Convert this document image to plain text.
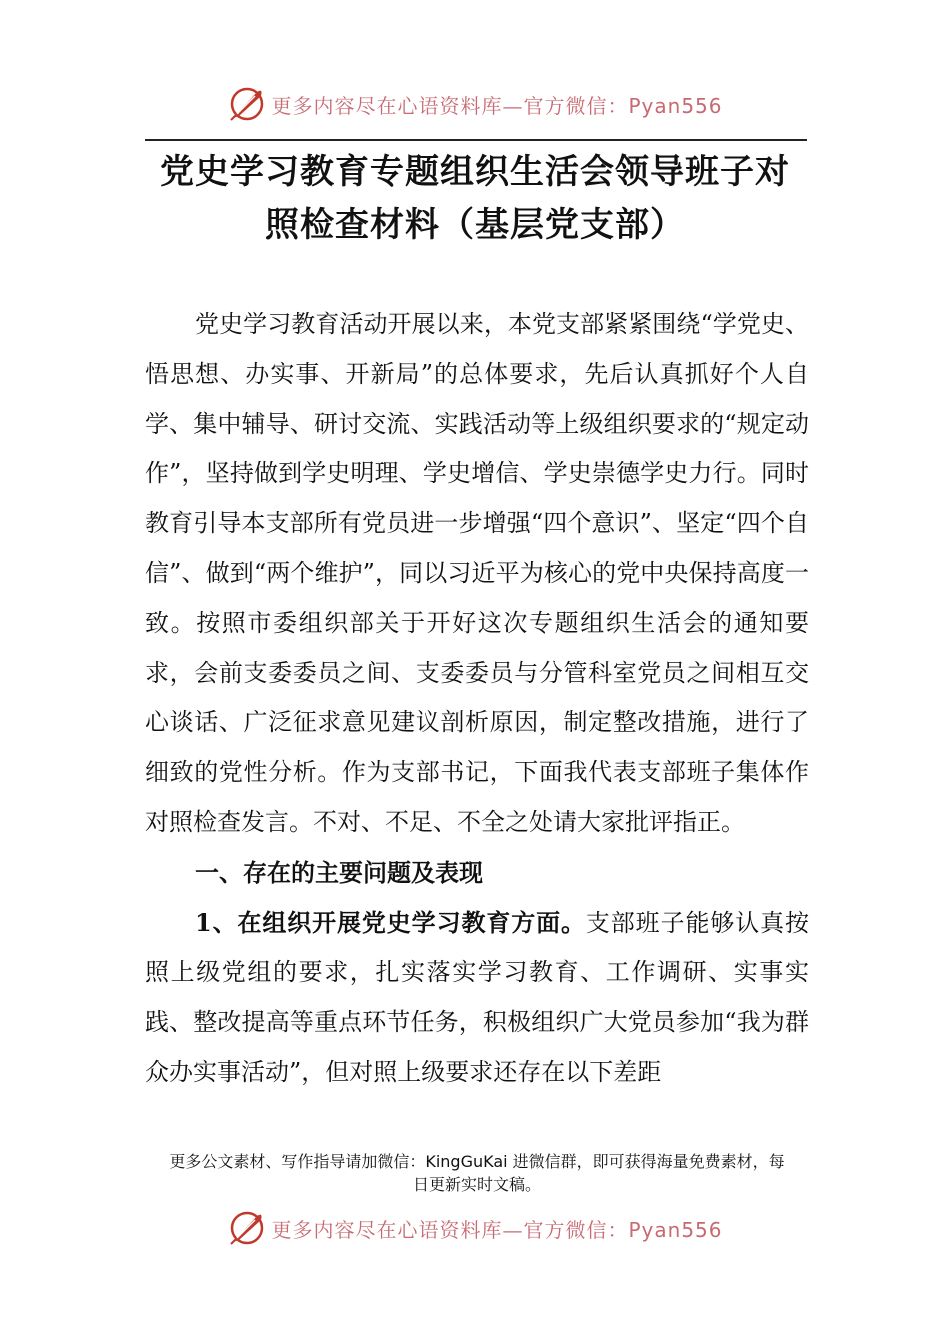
更多内容尽在心语资料库—官方微信：Pyan556
党史学习教育专题组织生活会领导班子对
照检查材料（基层党支部）

党史学习教育活动开展以来，本党支部紧紧围绕“学党史、悟思想、办实事、开新局”的总体要求，先后认真抓好个人自学、集中辅导、研讨交流、实践活动等上级组织要求的“规定动作”，坚持做到学史明理、学史增信、学史崇德学史力行。同时教育引导本支部所有党员进一步增强“四个意识”、坚定“四个自信”、做到“两个维护”，同以习近平为核心的党中央保持高度一致。按照市委组织部关于开好这次专题组织生活会的通知要求，会前支委委员之间、支委委员与分管科室党员之间相互交心谈话、广泛征求意见建议剖析原因，制定整改措施，进行了细致的党性分析。作为支部书记，下面我代表支部班子集体作对照检查发言。不对、不足、不全之处请大家批评指正。

一、存在的主要问题及表现

1、在组织开展党史学习教育方面。支部班子能够认真按照上级党组的要求，扎实落实学习教育、工作调研、实事实践、整改提高等重点环节任务，积极组织广大党员参加“我为群众办实事活动”，但对照上级要求还存在以下差距

更多公文素材、写作指导请加微信：KingGuKai 进微信群，即可获得海量免费素材，每
日更新实时文稿。
更多内容尽在心语资料库—官方微信：Pyan556
